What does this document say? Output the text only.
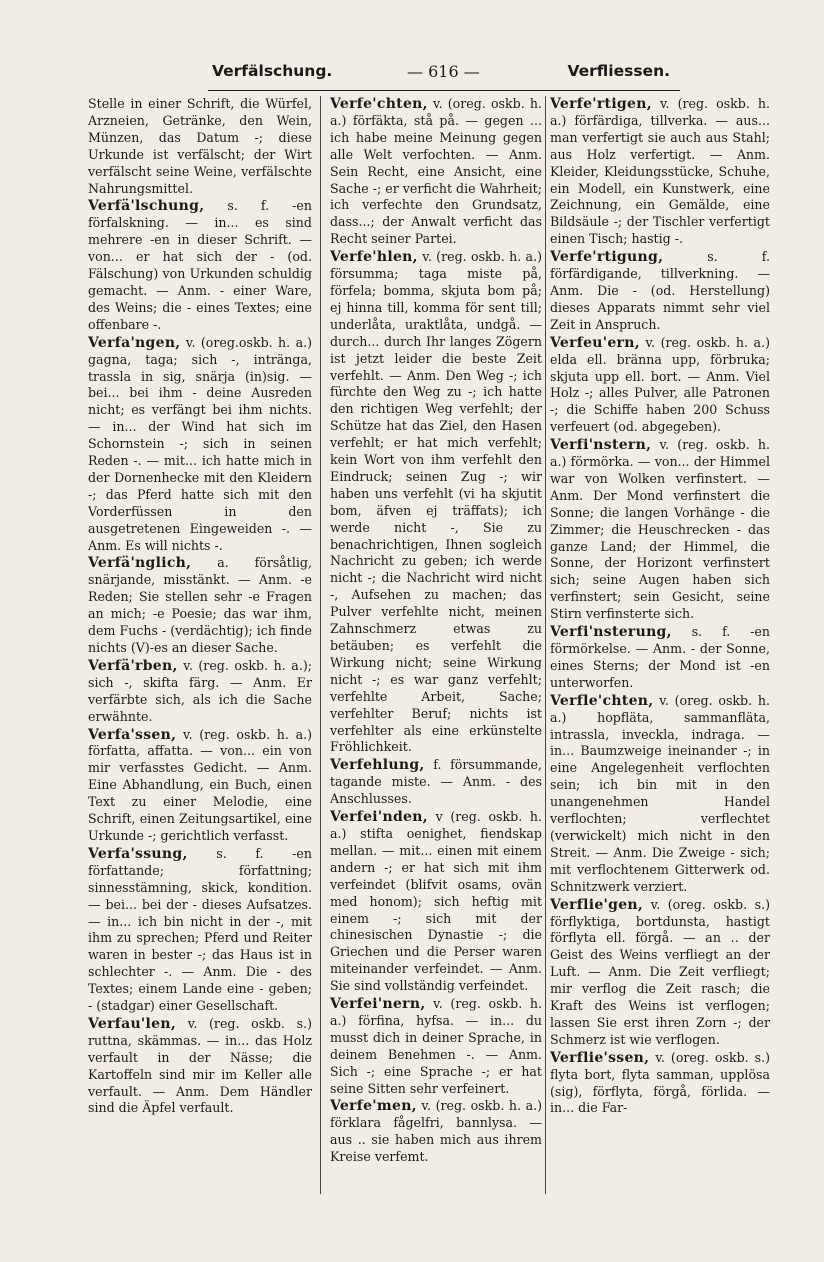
Verfälschung.	— 616 —	Verfliessen.

Stelle in einer Schrift, die Würfel, Arzneien, Getränke, den Wein, Münzen, das Datum -; diese Urkunde ist verfälscht; der Wirt verfälscht seine Weine, verfälschte Nahrungsmittel.

Verfä'lschung, s. f. -en förfalskning. — in... es sind mehrere -en in dieser Schrift. — von... er hat sich der - (od. Fälschung) von Urkunden schuldig gemacht. — Anm. - einer Ware, des Weins; die - eines Textes; eine offenbare -.

Verfa'ngen, v. (oreg.oskb. h. a.) gagna, taga; sich -, intränga, trassla in sig, snärja (in)sig. — bei... bei ihm - deine Ausreden nicht; es verfängt bei ihm nichts. — in... der Wind hat sich im Schornstein -; sich in seinen Reden -. — mit... ich hatte mich in der Dornenhecke mit den Kleidern -; das Pferd hatte sich mit den Vorderfüssen in den ausgetretenen Eingeweiden -. — Anm. Es will nichts -.

Verfä'nglich, a. försåtlig, snärjande, misstänkt. — Anm. -e Reden; Sie stellen sehr -e Fragen an mich; -e Poesie; das war ihm, dem Fuchs - (verdächtig); ich finde nichts (V)-es an dieser Sache.

Verfä'rben, v. (reg. oskb. h. a.); sich -, skifta färg. — Anm. Er verfärbte sich, als ich die Sache erwähnte.

Verfa'ssen, v. (reg. oskb. h. a.) författa, affatta. — von... ein von mir verfasstes Gedicht. — Anm. Eine Abhandlung, ein Buch, einen Text zu einer Melodie, eine Schrift, einen Zeitungsartikel, eine Urkunde -; gerichtlich verfasst.

Verfa'ssung, s. f. -en författande; författning; sinnesstämning, skick, kondition. — bei... bei der - dieses Aufsatzes. — in... ich bin nicht in der -, mit ihm zu sprechen; Pferd und Reiter waren in bester -; das Haus ist in schlechter -. — Anm. Die - des Textes; einem Lande eine - geben; - (stadgar) einer Gesellschaft.

Verfau'len, v. (reg. oskb. s.) ruttna, skämmas. — in... das Holz verfault in der Nässe; die Kartoffeln sind mir im Keller alle verfault. — Anm. Dem Händler sind die Äpfel verfault.

Verfe'chten, v. (oreg. oskb. h. a.) förfäkta, stå på. — gegen ... ich habe meine Meinung gegen alle Welt verfochten. — Anm. Sein Recht, eine Ansicht, eine Sache -; er verficht die Wahrheit; ich verfechte den Grundsatz, dass...; der Anwalt verficht das Recht seiner Partei.

Verfe'hlen, v. (reg. oskb. h. a.) försumma; taga miste på, förfela; bomma, skjuta bom på; ej hinna till, komma för sent till; underlåta, uraktlåta, undgå. — durch... durch Ihr langes Zögern ist jetzt leider die beste Zeit verfehlt. — Anm. Den Weg -; ich fürchte den Weg zu -; ich hatte den richtigen Weg verfehlt; der Schütze hat das Ziel, den Hasen verfehlt; er hat mich verfehlt; kein Wort von ihm verfehlt den Eindruck; seinen Zug -; wir haben uns verfehlt (vi ha skjutit bom, äfven ej träffats); ich werde nicht -, Sie zu benachrichtigen, Ihnen sogleich Nachricht zu geben; ich werde nicht -; die Nachricht wird nicht -, Aufsehen zu machen; das Pulver verfehlte nicht, meinen Zahnschmerz etwas zu betäuben; es verfehlt die Wirkung nicht; seine Wirkung nicht -; es war ganz verfehlt; verfehlte Arbeit, Sache; verfehlter Beruf; nichts ist verfehlter als eine erkünstelte Fröhlichkeit.

Verfehlung, f. försummande, tagande miste. — Anm. - des Anschlusses.

Verfei'nden, v (reg. oskb. h. a.) stifta oenighet, fiendskap mellan. — mit... einen mit einem andern -; er hat sich mit ihm verfeindet (blifvit osams, ovän med honom); sich heftig mit einem -; sich mit der chinesischen Dynastie -; die Griechen und die Perser waren miteinander verfeindet. — Anm. Sie sind vollständig verfeindet.

Verfei'nern, v. (reg. oskb. h. a.) förfina, hyfsa. — in... du musst dich in deiner Sprache, in deinem Benehmen -. — Anm. Sich -; eine Sprache -; er hat seine Sitten sehr verfeinert.

Verfe'men, v. (reg. oskb. h. a.) förklara fågelfri, bannlysa. — aus .. sie haben mich aus ihrem Kreise verfemt.

Verfe'rtigen, v. (reg. oskb. h. a.) förfärdiga, tillverka. — aus... man verfertigt sie auch aus Stahl; aus Holz verfertigt. — Anm. Kleider, Kleidungsstücke, Schuhe, ein Modell, ein Kunstwerk, eine Zeichnung, ein Gemälde, eine Bildsäule -; der Tischler verfertigt einen Tisch; hastig -.

Verfe'rtigung,	s. f. förfärdigande, tillverkning. — Anm. Die - (od. Herstellung) dieses Apparats nimmt sehr viel Zeit in Anspruch.

Verfeu'ern, v. (reg. oskb. h. a.) elda ell. bränna upp, förbruka; skjuta upp ell. bort. — Anm. Viel Holz -; alles Pulver, alle Patronen -; die Schiffe haben 200 Schuss verfeuert (od. abgegeben).

Verfi'nstern, v. (reg. oskb. h. a.) förmörka. — von... der Himmel war von Wolken verfinstert. — Anm. Der Mond verfinstert die Sonne; die langen Vorhänge - die Zimmer; die Heuschrecken - das ganze Land; der Himmel, die Sonne, der Horizont verfinstert sich; seine Augen haben sich verfinstert; sein Gesicht, seine Stirn verfinsterte sich.

Verfi'nsterung, s. f. -en förmörkelse. — Anm. - der Sonne, eines Sterns; der Mond ist -en unterworfen.

Verfle'chten, v. (oreg. oskb. h. a.) hopfläta, sammanfläta, intrassla, inveckla, indraga. — in... Baumzweige ineinander -; in eine Angelegenheit verflochten sein; ich bin mit in den unangenehmen Handel verflochten; verflechtet (verwickelt) mich nicht in den Streit. — Anm. Die Zweige - sich; mit verflochtenem Gitterwerk od. Schnitzwerk verziert.

Verflie'gen, v. (oreg. oskb. s.) förflyktiga, bortdunsta, hastigt förflyta ell. förgå. — an .. der Geist des Weins verfliegt an der Luft. — Anm. Die Zeit verfliegt; mir verflog die Zeit rasch; die Kraft des Weins ist verflogen; lassen Sie erst ihren Zorn -; der Schmerz ist wie verflogen.

Verflie'ssen, v. (oreg. oskb. s.) flyta bort, flyta samman, upplösa (sig), förflyta, förgå, förlida. — in... die Far-
